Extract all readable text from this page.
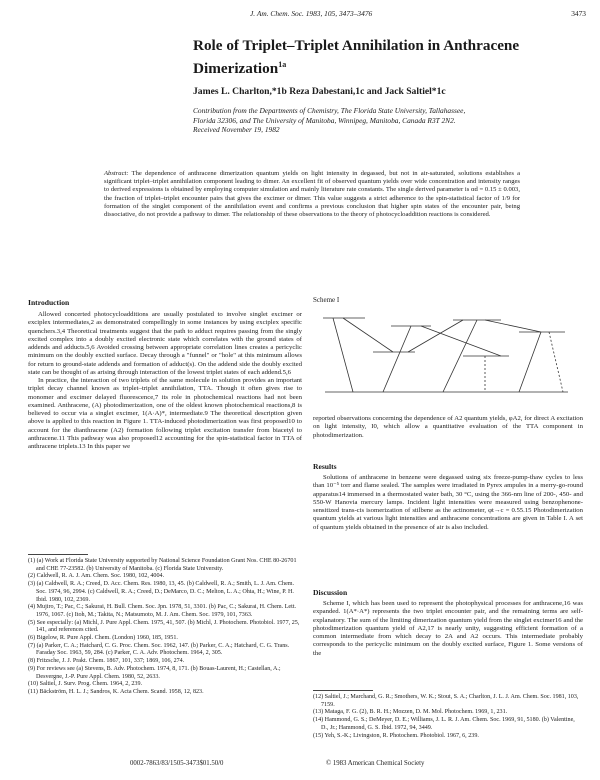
J. Am. Chem. Soc. 1983, 105, 3473–3476	3473
Role of Triplet–Triplet Annihilation in Anthracene
Dimerization$^{1a}$
James L. Charlton,*1b Reza Dabestani,1c and Jack Saltiel*1c
Contribution from the Departments of Chemistry, The Florida State University, Tallahassee,
Florida 32306, and The University of Manitoba, Winnipeg, Manitoba, Canada R3T 2N2.
Received November 19, 1982
Abstract: The dependence of anthracene dimerization quantum yields on light intensity in degassed, but not in air-saturated, solutions establishes a significant triplet–triplet annihilation component leading to dimer. An excellent fit of observed quantum yields over wide concentration and intensity ranges to derived expressions is obtained by employing computer simulation and mainly literature rate constants. The single derived parameter is αd = 0.15 ± 0.003, the fraction of triplet–triplet encounter pairs that gives the excimer or dimer. This value suggests a strict adherence to the spin-statistical factor of 1/9 for formation of the singlet component of the annihilation event and confirms a previous conclusion that higher spin states of the encounter pair, being dissociative, do not provide a pathway to dimer. The relationship of these observations to the theory of photocycloaddition reactions is considered.
Introduction

Allowed concerted photocycloadditions are usually postulated to involve singlet excimer or exciplex intermediates,2 as demonstrated compellingly in some instances by using exciplex specific quenchers.3,4 Theoretical treatments suggest that the path to adduct requires passing from the singly excited complex into a doubly excited electronic state which correlates with the ground states of addends and adducts.5,6 Avoided crossing between appropriate correlation lines creates a pericyclic minimum on the doubly excited surface. Decay through a "funnel" or "hole" at this minimum allows for return to ground-state addends and formation of adduct(s). On the addend side the doubly excited state can be thought of as arising through interaction of the lowest triplet states of each addend.5,6

In practice, the interaction of two triplets of the same molecule in solution provides an important triplet decay channel known as triplet–triplet annihilation, TTA. Though it often gives rise to monomer and excimer delayed fluorescence,7 its role in photochemical reactions had not been examined. Anthracene, (A) photodimerization, one of the oldest known photochemical reactions,8 is believed to occur via a singlet excimer, 1(A·A)*, intermediate.9 The theoretical description given above is applied to this reaction in Figure 1. TTA-induced photodimerization was first proposed10 to account for the dianthracene (A2) formation following triplet excitation transfer from biacetyl to anthracene.11 This pathway was also proposed12 accounting for the spin-statistical factor in TTA of anthracene triplets.13 In this paper we

(1) (a) Work at Florida State University supported by National Science Foundation Grant Nos. CHE 80-26701 and CHE 77-23582. (b) University of Manitoba. (c) Florida State University.

(2) Caldwell, R. A. J. Am. Chem. Soc. 1980, 102, 4004.

(3) (a) Caldwell, R. A.; Creed, D. Acc. Chem. Res. 1980, 13, 45. (b) Caldwell, R. A.; Smith, L. J. Am. Chem. Soc. 1974, 96, 2994. (c) Caldwell, R. A.; Creed, D.; DeMarco, D. C.; Melton, L. A.; Ohta, H.; Wine, P. H. Ibid. 1980, 102, 2369.

(4) Mujiro, T.; Pac, C.; Sakurai, H. Bull. Chem. Soc. Jpn. 1978, 51, 3301. (b) Pac, C.; Sakurai, H. Chem. Lett. 1976, 1067. (c) Itoh, M.; Takita, N.; Matsumoto, M. J. Am. Chem. Soc. 1979, 101, 7363.

(5) See especially: (a) Michl, J. Pure Appl. Chem. 1975, 41, 507. (b) Michl, J. Photochem. Photobiol. 1977, 25, 141, and references cited.

(6) Bigelow, R. Pure Appl. Chem. (London) 1960, 185, 1951.

(7) (a) Parker, C. A.; Hatchard, C. G. Proc. Chem. Soc. 1962, 147. (b) Parker, C. A.; Hatchard, C. G. Trans. Faraday Soc. 1963, 59, 284. (c) Parker, C. A. Adv. Photochem. 1964, 2, 305.

(8) Fritzsche, J. J. Prakt. Chem. 1867, 101, 337; 1869, 106, 274.

(9) For reviews see (a) Stevens, B. Adv. Photochem. 1974, 8, 171. (b) Bouas-Laurent, H.; Castellan, A.; Desvergne, J.-P. Pure Appl. Chem. 1980, 52, 2633.

(10) Saltiel, J. Surv. Prog. Chem. 1964, 2, 239.

(11) Bäckström, H. L. J.; Sandros, K. Acta Chem. Scand. 1958, 12, 823.

Scheme I
reported observations concerning the dependence of A2 quantum yields, φA2, for direct A excitation on light intensity, I0, which allow a quantitative evaluation of the TTA component in photodimerization.
Results

Solutions of anthracene in benzene were degassed using six freeze-pump-thaw cycles to less than 10⁻⁵ torr and flame sealed. The samples were irradiated in Pyrex ampules in a merry-go-round apparatus14 immersed in a thermostated water bath, 30 °C, using the 366-nm line of 200-, 450- and 550-W Hanovia mercury lamps. Incident light intensities were measured using benzophenone-sensitized trans-cis isomerization of stilbene as the actinometer, φt→c = 0.55.15 Photodimerization quantum yields at various light intensities and anthracene concentrations are given in Table I. A set of quantum yields obtained in the presence of air is also included.

Discussion

Scheme I, which has been used to represent the photophysical processes for anthracene,16 was expanded. 1(A*·A*) represents the two triplet encounter pair, and the remaining terms are self-explanatory. The sum of the limiting dimerization quantum yield from the singlet excimer16 and the photodimerization quantum yield of A2,17 is nearly unity, suggesting efficient formation of a common intermediate from which decay to 2A and A2 occurs. This intermediate probably corresponds to the pericyclic minimum on the doubly excited surface, Figure 1. Some versions of the

(12) Saltiel, J.; Marchand, G. R.; Smothers, W. K.; Stout, S. A.; Charlton, J. L. J. Am. Chem. Soc. 1981, 103, 7159.

(13) Mataga, F. G. (2), B. R. H.; Mozzen, D. M. Mol. Photochem. 1969, 1, 231.

(14) Hammond, G. S.; DeMeyer, D. E.; Williams, J. L. R. J. Am. Chem. Soc. 1969, 91, 5180. (b) Valentine, D., Jr.; Hammond, G. S. Ibid. 1972, 94, 3449.

(15) Yeh, S.-K.; Livingston, R. Photochem. Photobiol. 1967, 6, 239.

0002-7863/83/1505-3473$01.50/0	© 1983 American Chemical Society
